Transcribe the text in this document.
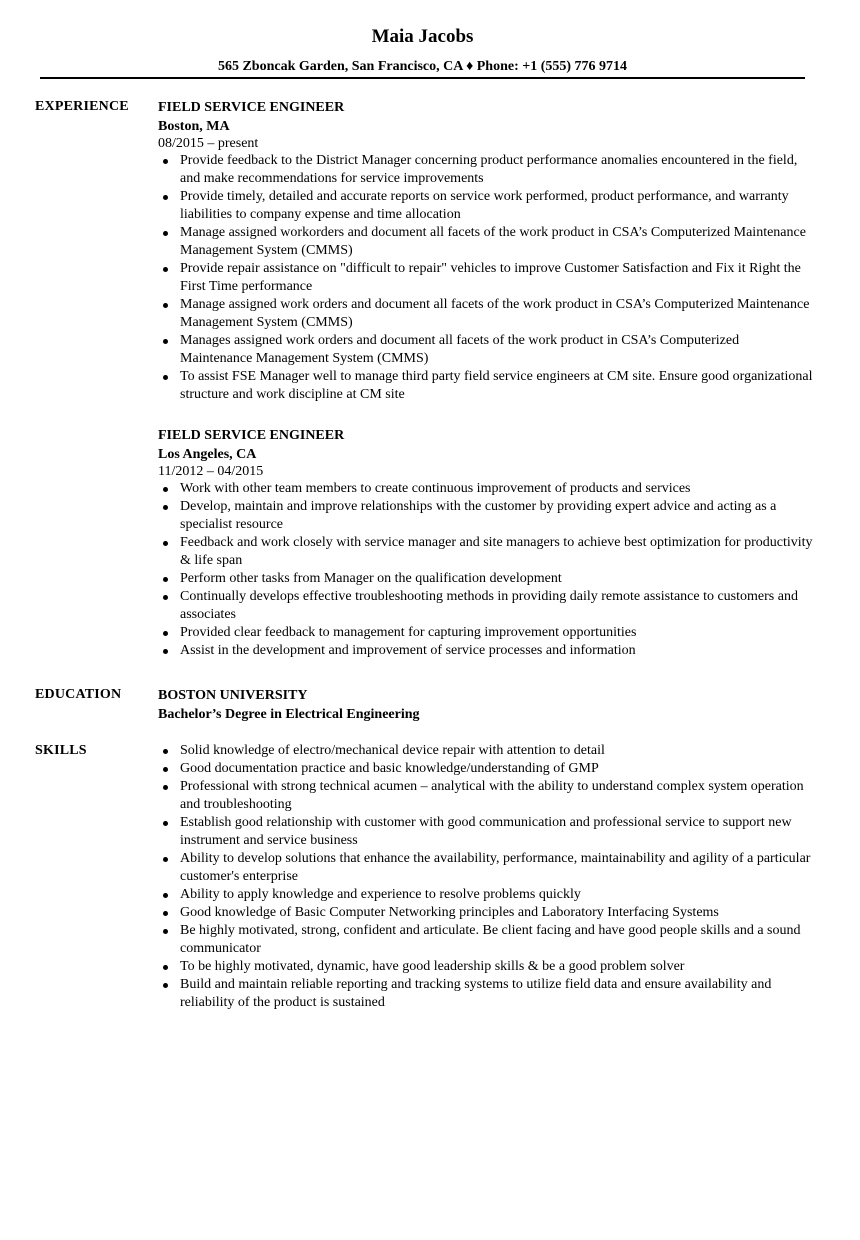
Maia Jacobs
565 Zboncak Garden, San Francisco, CA ♦ Phone: +1 (555) 776 9714
EXPERIENCE FIELD SERVICE ENGINEER
Boston, MA
08/2015 – present
Provide feedback to the District Manager concerning product performance anomalies encountered in the field, and make recommendations for service improvements
Provide timely, detailed and accurate reports on service work performed, product performance, and warranty liabilities to company expense and time allocation
Manage assigned workorders and document all facets of the work product in CSA’s Computerized Maintenance Management System (CMMS)
Provide repair assistance on "difficult to repair" vehicles to improve Customer Satisfaction and Fix it Right the First Time performance
Manage assigned work orders and document all facets of the work product in CSA’s Computerized Maintenance Management System (CMMS)
Manages assigned work orders and document all facets of the work product in CSA’s Computerized Maintenance Management System (CMMS)
To assist FSE Manager well to manage third party field service engineers at CM site. Ensure good organizational structure and work discipline at CM site
FIELD SERVICE ENGINEER
Los Angeles, CA
11/2012 – 04/2015
Work with other team members to create continuous improvement of products and services
Develop, maintain and improve relationships with the customer by providing expert advice and acting as a specialist resource
Feedback and work closely with service manager and site managers to achieve best optimization for productivity & life span
Perform other tasks from Manager on the qualification development
Continually develops effective troubleshooting methods in providing daily remote assistance to customers and associates
Provided clear feedback to management for capturing improvement opportunities
Assist in the development and improvement of service processes and information
EDUCATION	BOSTON UNIVERSITY
Bachelor’s Degree in Electrical Engineering
SKILLS	Solid knowledge of electro/mechanical device repair with attention to detail
Good documentation practice and basic knowledge/understanding of GMP
Professional with strong technical acumen – analytical with the ability to understand complex system operation and troubleshooting
Establish good relationship with customer with good communication and professional service to support new instrument and service business
Ability to develop solutions that enhance the availability, performance, maintainability and agility of a particular customer's enterprise
Ability to apply knowledge and experience to resolve problems quickly
Good knowledge of Basic Computer Networking principles and Laboratory Interfacing Systems
Be highly motivated, strong, confident and articulate. Be client facing and have good people skills and a sound communicator
To be highly motivated, dynamic, have good leadership skills & be a good problem solver
Build and maintain reliable reporting and tracking systems to utilize field data and ensure availability and reliability of the product is sustained
